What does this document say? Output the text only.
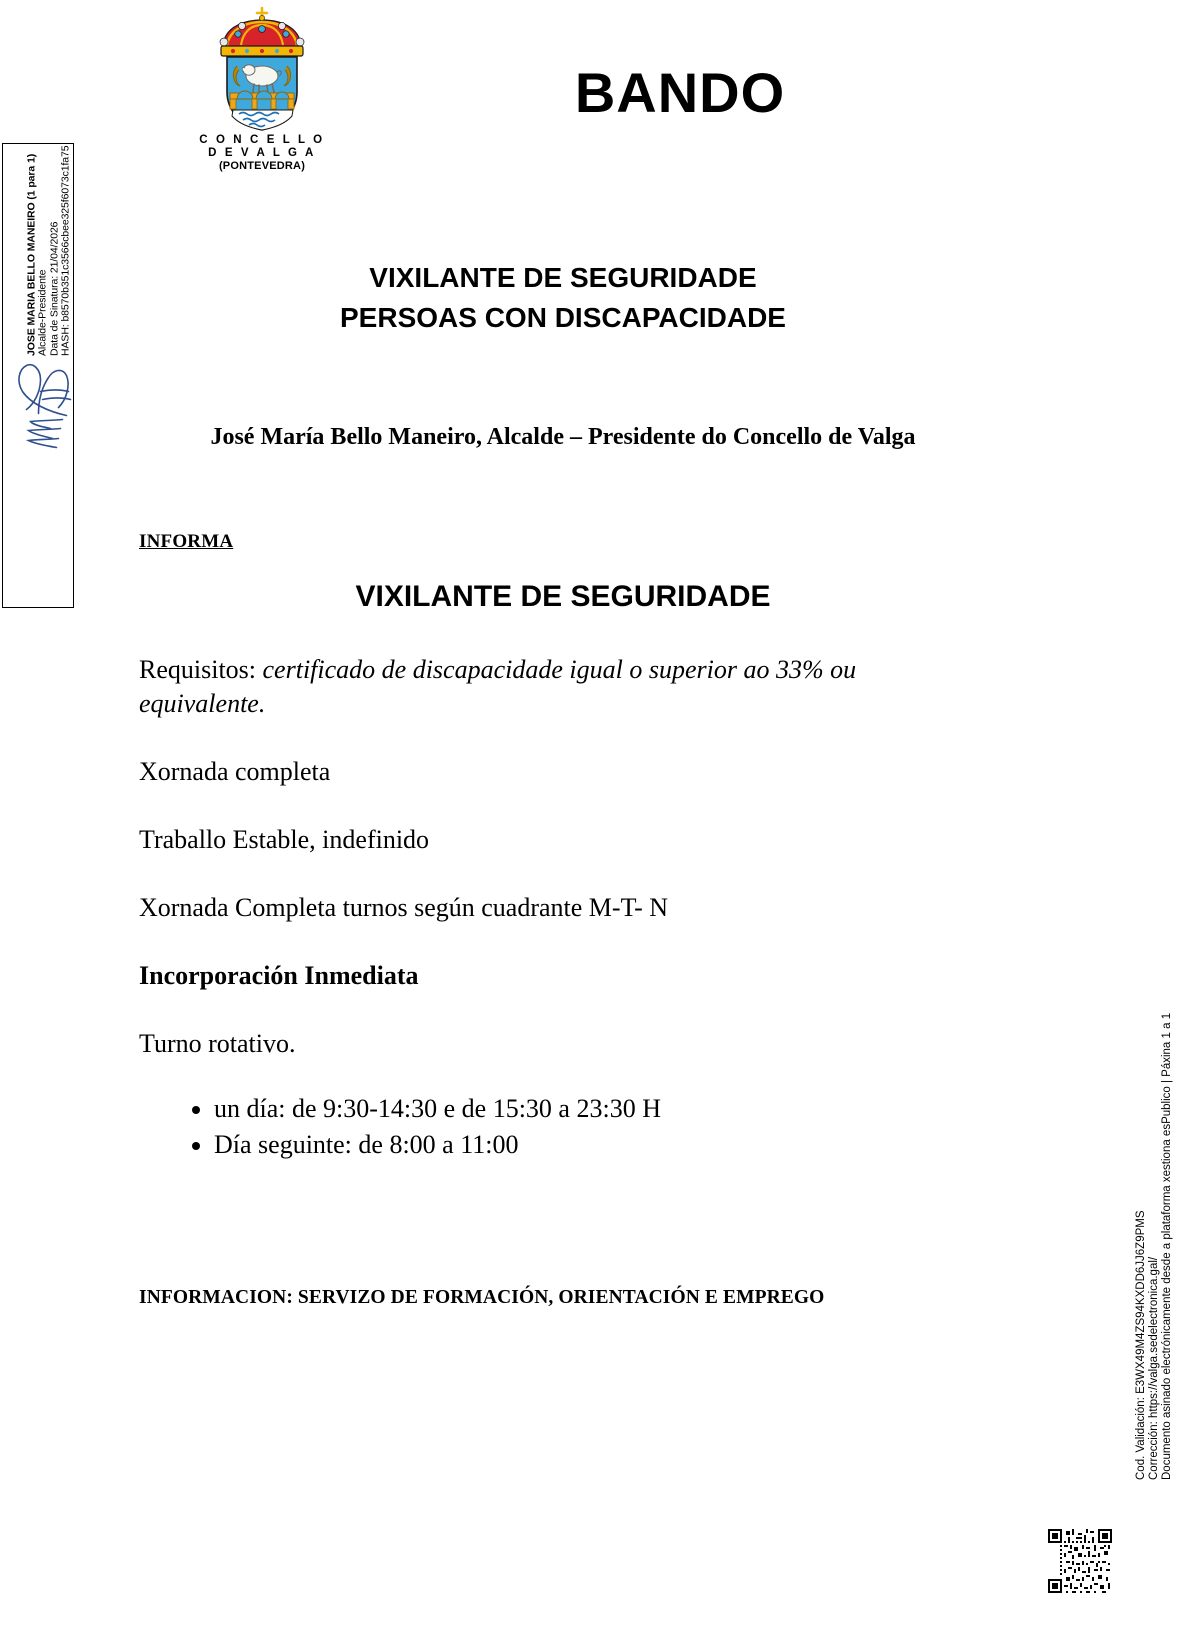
JOSE MARIA BELLO MANEIRO (1 para 1) Alcalde-Presidente Data de Sinatura: 21/04/2026 HASH: b8570b351c3566cbee325f6073c1fa75
C O N C E L L O
D E V A L G A
(PONTEVEDRA)
BANDO
VIXILANTE DE SEGURIDADE
PERSOAS CON DISCAPACIDADE
José María Bello Maneiro, Alcalde – Presidente do Concello de Valga
INFORMA
VIXILANTE DE SEGURIDADE

Requisitos: certificado de discapacidade igual o superior ao 33% ou equivalente.

Xornada completa

Traballo Estable, indefinido

Xornada Completa turnos según cuadrante M-T- N

Incorporación Inmediata

Turno rotativo.

• un día: de 9:30-14:30 e de 15:30 a 23:30 H
• Día seguinte: de 8:00 a 11:00
INFORMACION: SERVIZO DE FORMACIÓN, ORIENTACIÓN E EMPREGO	Cod. Validación: E3WX49M4ZS94KXDD6JJ6Z9PMS Corrección: https://valga.sedelectronica.gal/ Documento asinado electrónicamente desde a plataforma xestiona esPublico | Páxina 1 a 1
